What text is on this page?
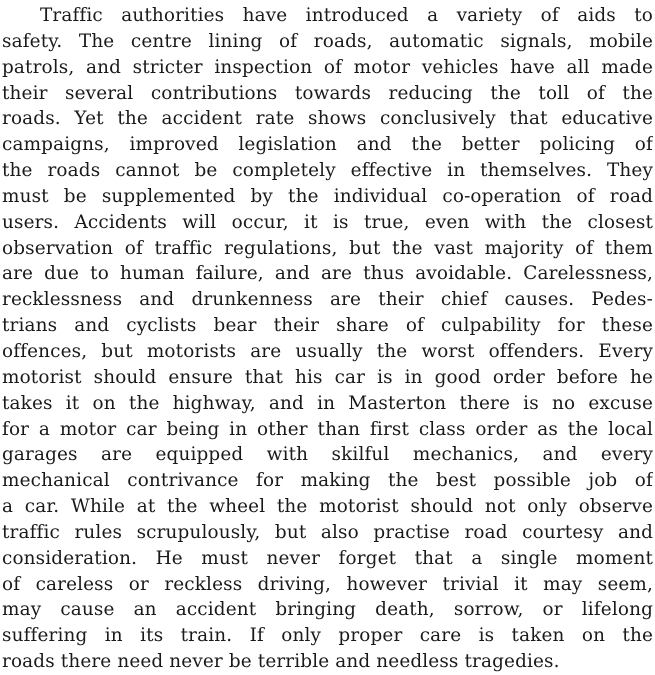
Traffic authorities have introduced a variety of aids to
safety. The centre lining of roads, automatic signals, mobile
patrols, and stricter inspection of motor vehicles have all made
their several contributions towards reducing the toll of the
roads. Yet the accident rate shows conclusively that educative
campaigns, improved legislation and the better policing of
the roads cannot be completely effective in themselves. They
must be supplemented by the individual co-operation of road
users. Accidents will occur, it is true, even with the closest
observation of traffic regulations, but the vast majority of them
are due to human failure, and are thus avoidable. Carelessness,
recklessness and drunkenness are their chief causes. Pedes-
trians and cyclists bear their share of culpability for these
offences, but motorists are usually the worst offenders. Every
motorist should ensure that his car is in good order before he
takes it on the highway, and in Masterton there is no excuse
for a motor car being in other than first class order as the local
garages are equipped with skilful mechanics, and every
mechanical contrivance for making the best possible job of
a car. While at the wheel the motorist should not only observe
traffic rules scrupulously, but also practise road courtesy and
consideration. He must never forget that a single moment
of careless or reckless driving, however trivial it may seem,
may cause an accident bringing death, sorrow, or lifelong
suffering in its train. If only proper care is taken on the
roads there need never be terrible and needless tragedies.
